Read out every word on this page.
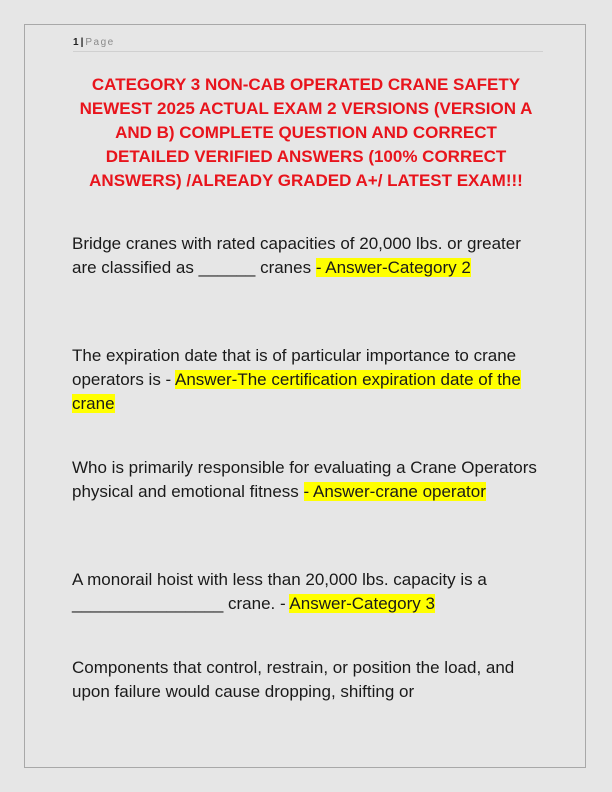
1 | Page

CATEGORY 3 NON-CAB OPERATED CRANE SAFETY NEWEST 2025 ACTUAL EXAM 2 VERSIONS (VERSION A AND B) COMPLETE QUESTION AND CORRECT DETAILED VERIFIED ANSWERS (100% CORRECT ANSWERS) /ALREADY GRADED A+/ LATEST EXAM!!!

Bridge cranes with rated capacities of 20,000 lbs. or greater are classified as ______ cranes - Answer-Category 2

The expiration date that is of particular importance to crane operators is - Answer-The certification expiration date of the crane

Who is primarily responsible for evaluating a Crane Operators physical and emotional fitness - Answer-crane operator

A monorail hoist with less than 20,000 lbs. capacity is a ________________ crane. - Answer-Category 3

Components that control, restrain, or position the load, and upon failure would cause dropping, shifting or
